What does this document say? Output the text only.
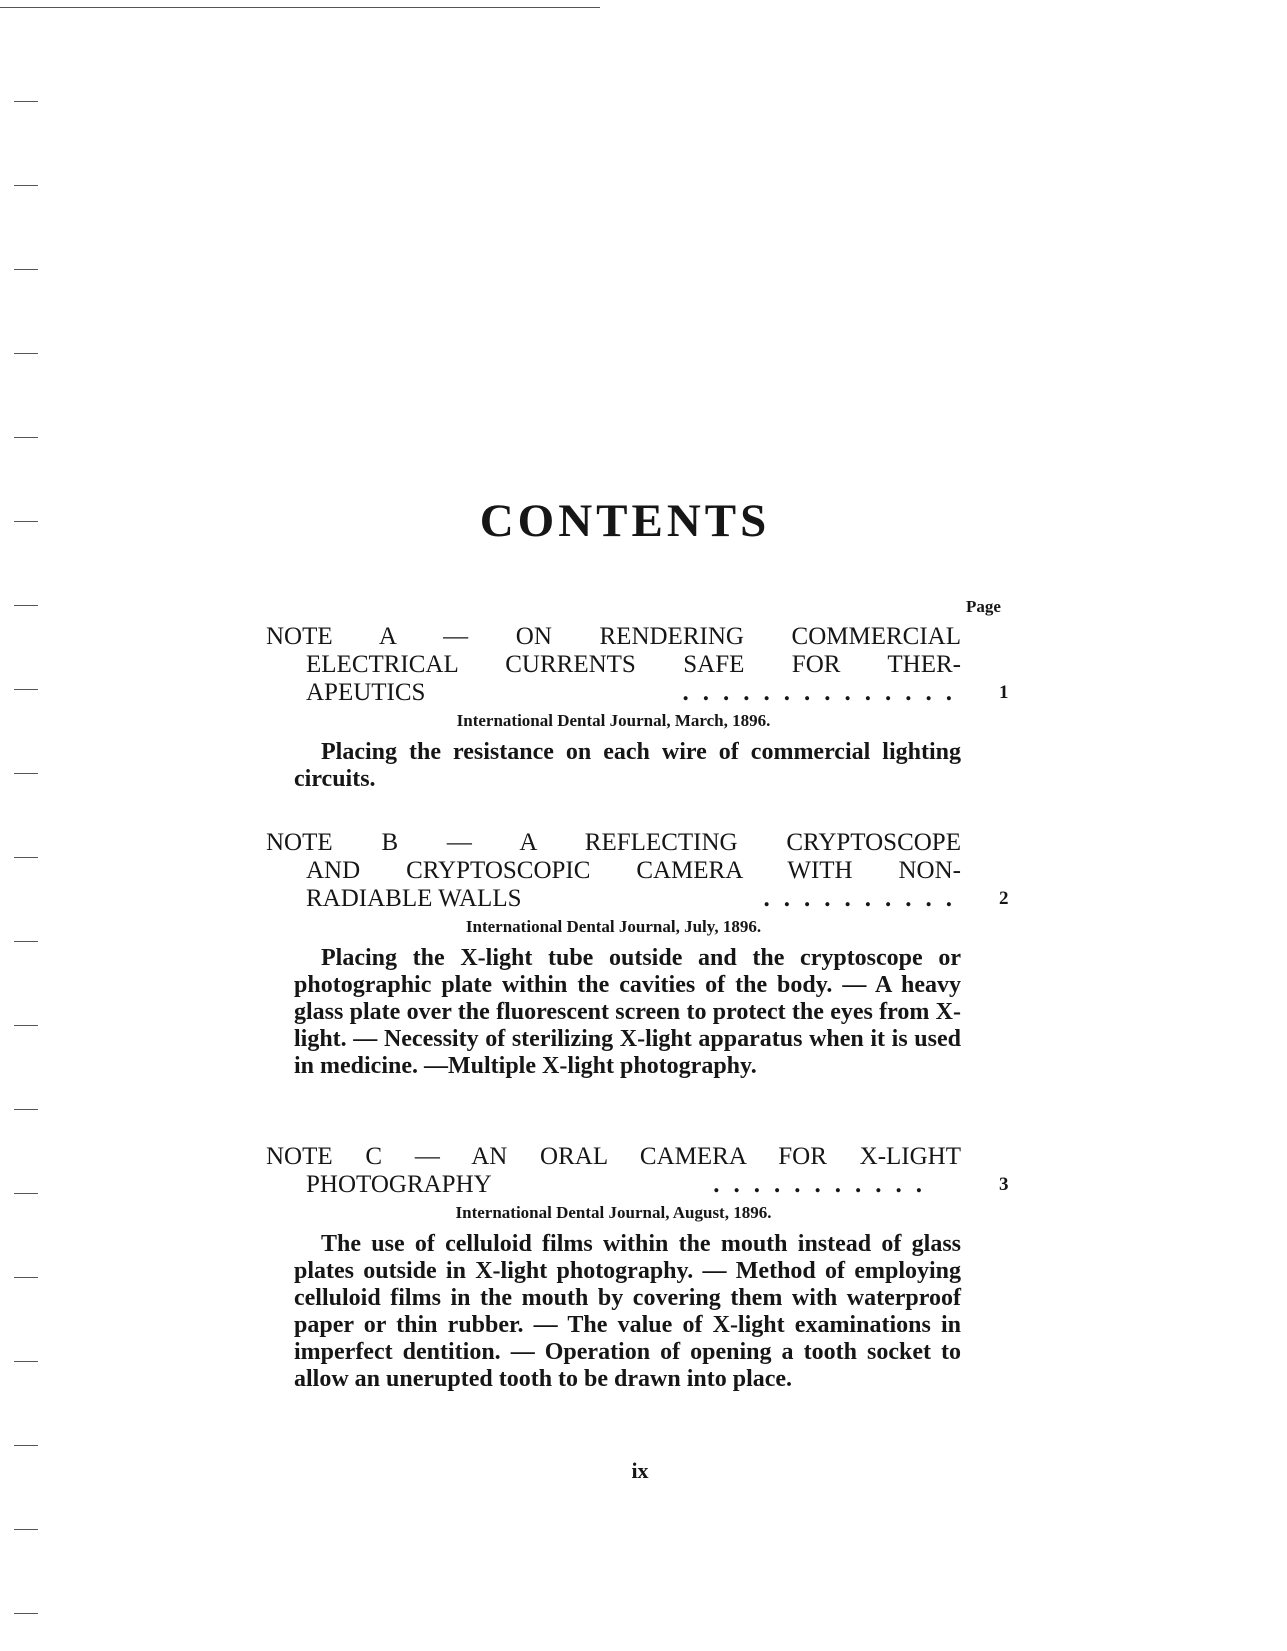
CONTENTS
Page
NOTE A — ON RENDERING COMMERCIAL
ELECTRICAL CURRENTS SAFE FOR THER-
APEUTICS	.............. 1
International Dental Journal, March, 1896.

Placing the resistance on each wire of commercial lighting circuits.

NOTE B — A REFLECTING CRYPTOSCOPE
AND CRYPTOSCOPIC CAMERA WITH NON-
RADIABLE WALLS	.......... 2
International Dental Journal, July, 1896.

Placing the X-light tube outside and the cryptoscope or photographic plate within the cavities of the body. — A heavy glass plate over the fluorescent screen to protect the eyes from X-light. — Necessity of sterilizing X-light apparatus when it is used in medicine. —Multiple X-light photography.

NOTE C — AN ORAL CAMERA FOR X-LIGHT
PHOTOGRAPHY	...........	3
International Dental Journal, August, 1896.

The use of celluloid films within the mouth instead of glass plates outside in X-light photography. — Method of employing celluloid films in the mouth by covering them with waterproof paper or thin rubber. — The value of X-light examinations in imperfect dentition. — Operation of opening a tooth socket to allow an unerupted tooth to be drawn into place.

ix
